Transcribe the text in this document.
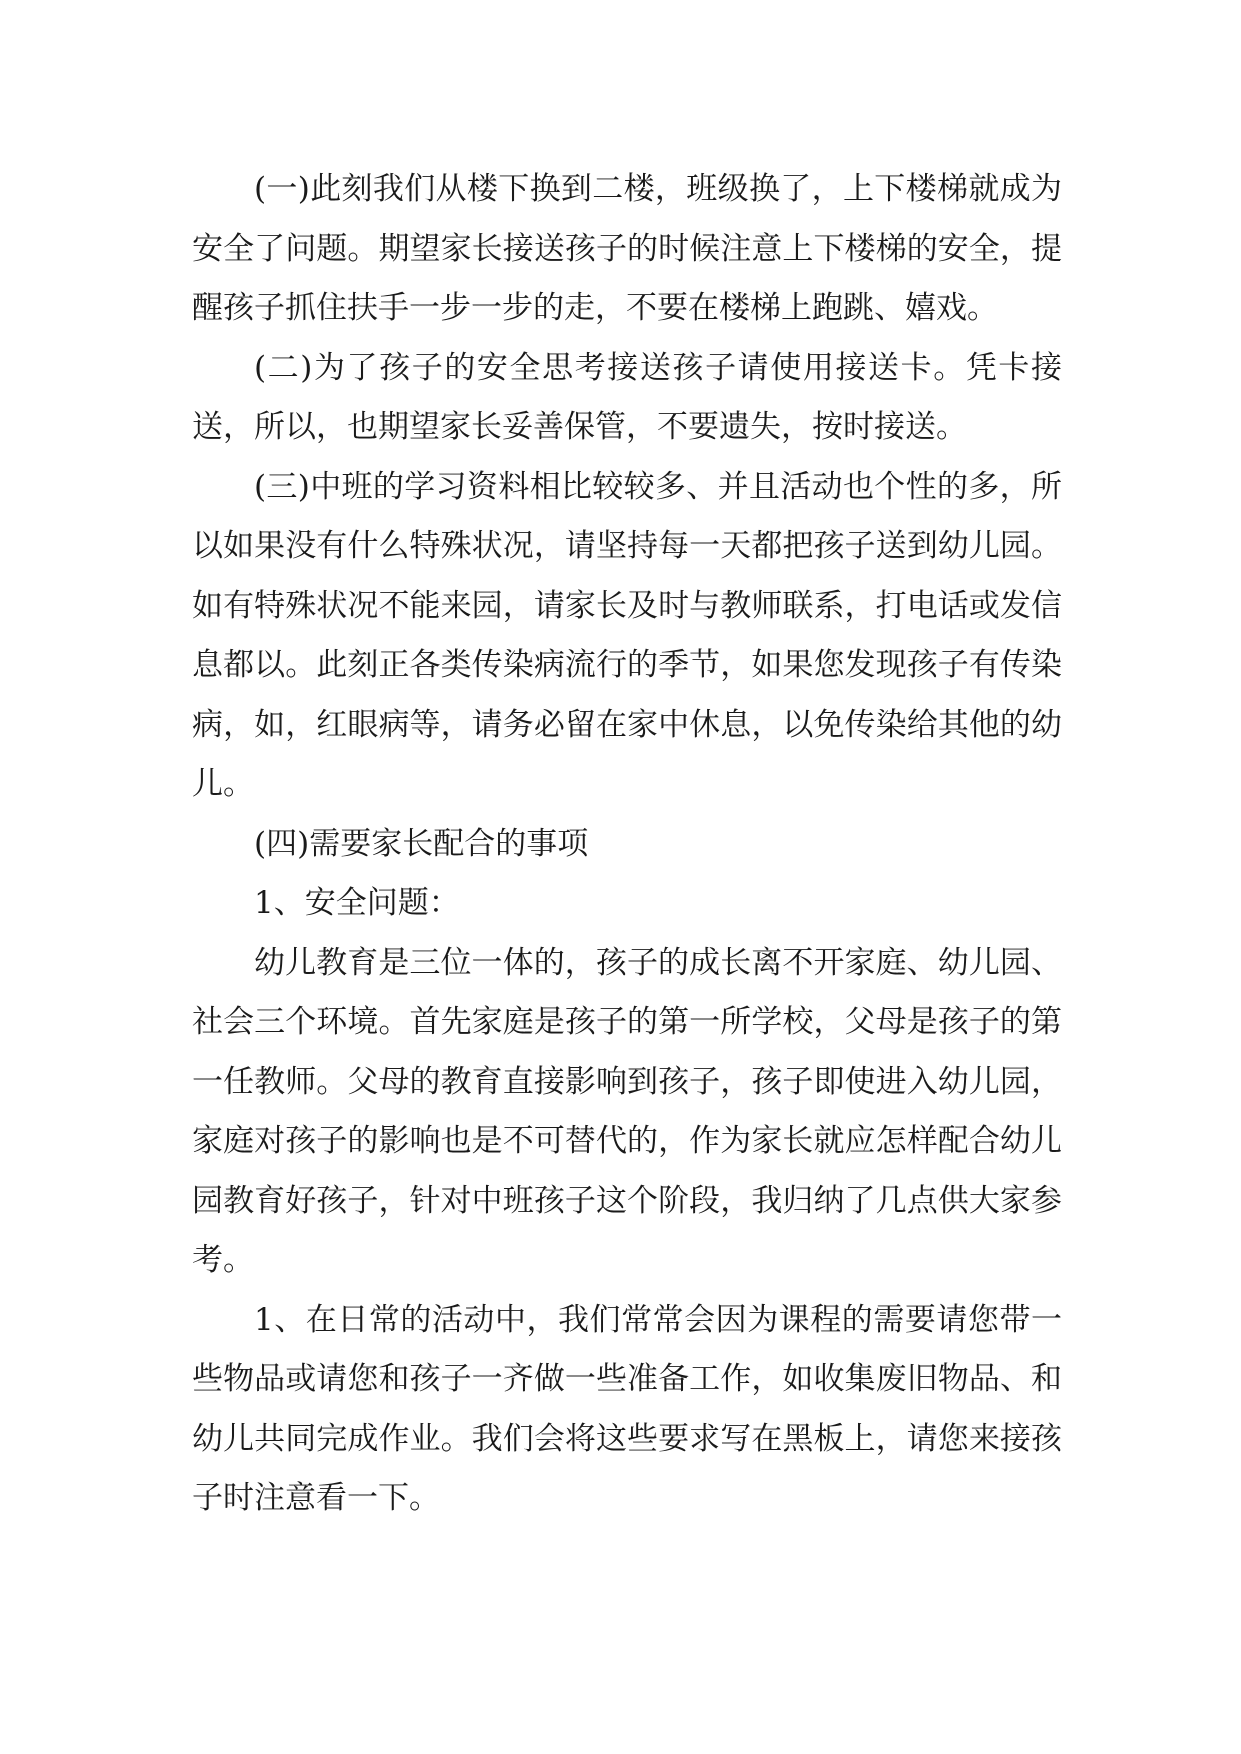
(一)此刻我们从楼下换到二楼，班级换了，上下楼梯就成为安全了问题。期望家长接送孩子的时候注意上下楼梯的安全，提醒孩子抓住扶手一步一步的走，不要在楼梯上跑跳、嬉戏。

(二)为了孩子的安全思考接送孩子请使用接送卡。凭卡接送，所以，也期望家长妥善保管，不要遗失，按时接送。

(三)中班的学习资料相比较较多、并且活动也个性的多，所以如果没有什么特殊状况，请坚持每一天都把孩子送到幼儿园。如有特殊状况不能来园，请家长及时与教师联系，打电话或发信息都以。此刻正各类传染病流行的季节，如果您发现孩子有传染病，如，红眼病等，请务必留在家中休息，以免传染给其他的幼儿。

(四)需要家长配合的事项

1、安全问题：

幼儿教育是三位一体的，孩子的成长离不开家庭、幼儿园、社会三个环境。首先家庭是孩子的第一所学校，父母是孩子的第一任教师。父母的教育直接影响到孩子，孩子即使进入幼儿园，家庭对孩子的影响也是不可替代的，作为家长就应怎样配合幼儿园教育好孩子，针对中班孩子这个阶段，我归纳了几点供大家参考。

1、在日常的活动中，我们常常会因为课程的需要请您带一些物品或请您和孩子一齐做一些准备工作，如收集废旧物品、和幼儿共同完成作业。我们会将这些要求写在黑板上，请您来接孩子时注意看一下。
